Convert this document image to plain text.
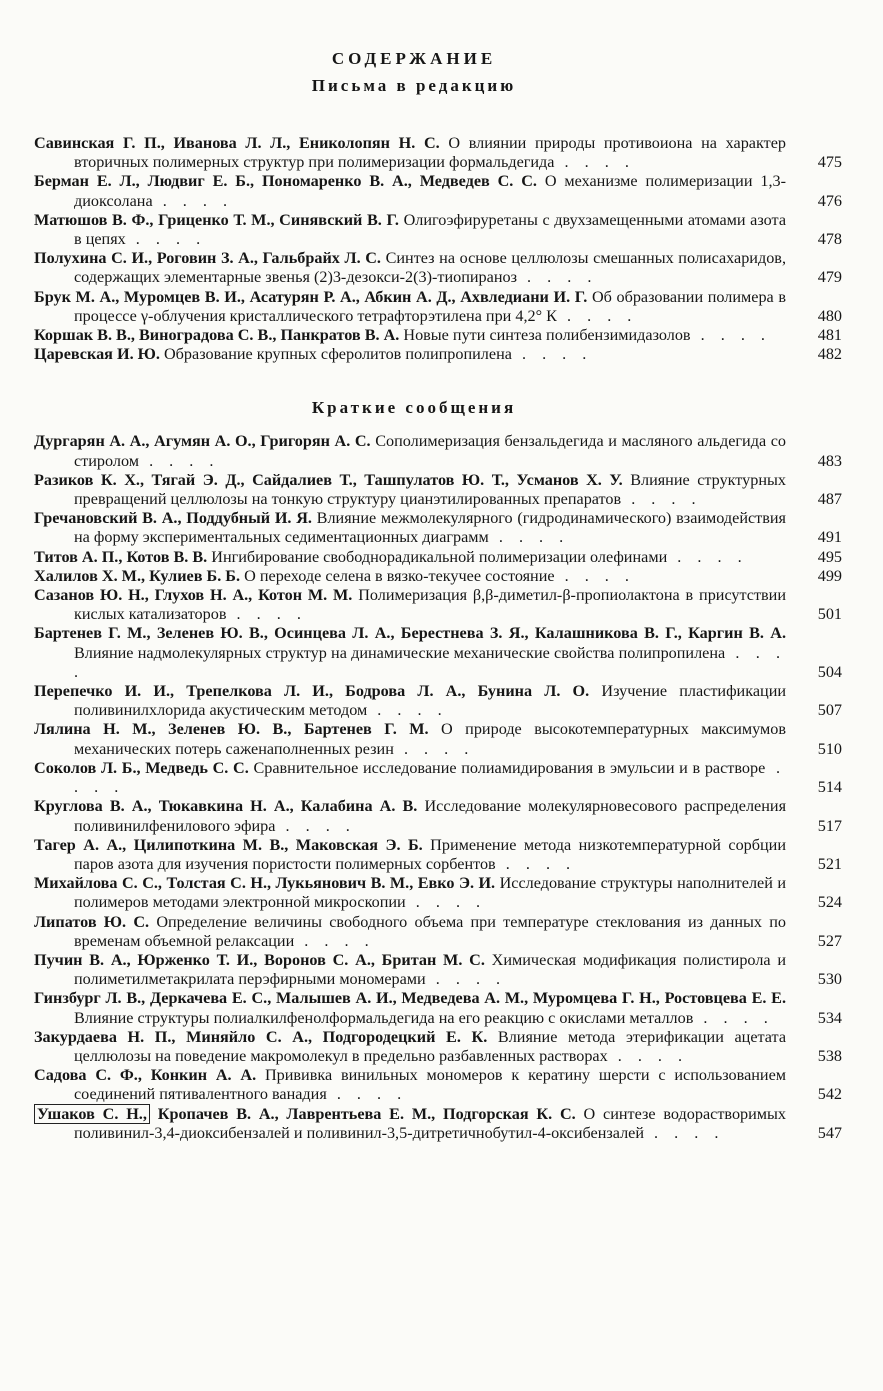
СОДЕРЖАНИЕ
Письма в редакцию
Савинская Г. П., Иванова Л. Л., Ениколопян Н. С. О влиянии природы противоиона на характер вторичных полимерных структур при полимеризации формальдегида . . . .	475
Берман Е. Л., Людвиг Е. Б., Пономаренко В. А., Медведев С. С. О механизме полимеризации 1,3-диоксолана . . . .	476
Матюшов В. Ф., Гриценко Т. М., Синявский В. Г. Олигоэфируретаны с двухзамещенными атомами азота в цепях . . . .	478
Полухина С. И., Роговин З. А., Гальбрайх Л. С. Синтез на основе целлюлозы смешанных полисахаридов, содержащих элементарные звенья (2)3-дезокси-2(3)-тиопираноз . . . .	479
Брук М. А., Муромцев В. И., Асатурян Р. А., Абкин А. Д., Ахвледиани И. Г. Об образовании полимера в процессе γ-облучения кристаллического тетрафторэтилена при 4,2° К . . . .	480
Коршак В. В., Виноградова С. В., Панкратов В. А. Новые пути синтеза полибензимидазолов . . . .	481
Царевская И. Ю. Образование крупных сферолитов полипропилена . . . .	482
Краткие сообщения
Дургарян А. А., Агумян А. О., Григорян А. С. Сополимеризация бензальдегида и масляного альдегида со стиролом . . . .	483
Разиков К. Х., Тягай Э. Д., Сайдалиев Т., Ташпулатов Ю. Т., Усманов Х. У. Влияние структурных превращений целлюлозы на тонкую структуру цианэтилированных препаратов . . . .	487
Гречановский В. А., Поддубный И. Я. Влияние межмолекулярного (гидродинамического) взаимодействия на форму экспериментальных седиментационных диаграмм . . . .	491
Титов А. П., Котов В. В. Ингибирование свободнорадикальной полимеризации олефинами . . . .	495
Халилов Х. М., Кулиев Б. Б. О переходе селена в вязко-текучее состояние . . . .	499
Сазанов Ю. Н., Глухов Н. А., Котон М. М. Полимеризация β,β-диметил-β-пропиолактона в присутствии кислых катализаторов . . . .	501
Бартенев Г. М., Зеленев Ю. В., Осинцева Л. А., Берестнева З. Я., Калашникова В. Г., Каргин В. А. Влияние надмолекулярных структур на динамические механические свойства полипропилена . . . .	504
Перепечко И. И., Трепелкова Л. И., Бодрова Л. А., Бунина Л. О. Изучение пластификации поливинилхлорида акустическим методом . . . .	507
Лялина Н. М., Зеленев Ю. В., Бартенев Г. М. О природе высокотемпературных максимумов механических потерь саженаполненных резин . . . .	510
Соколов Л. Б., Медведь С. С. Сравнительное исследование полиамидирования в эмульсии и в растворе . . . .	514
Круглова В. А., Тюкавкина Н. А., Калабина А. В. Исследование молекулярновесового распределения поливинилфенилового эфира . . . .	517
Тагер А. А., Цилипоткина М. В., Маковская Э. Б. Применение метода низкотемпературной сорбции паров азота для изучения пористости полимерных сорбентов . . . .	521
Михайлова С. С., Толстая С. Н., Лукьянович В. М., Евко Э. И. Исследование структуры наполнителей и полимеров методами электронной микроскопии . . . .	524
Липатов Ю. С. Определение величины свободного объема при температуре стеклования из данных по временам объемной релаксации . . . .	527
Пучин В. А., Юрженко Т. И., Воронов С. А., Британ М. С. Химическая модификация полистирола и полиметилметакрилата перэфирными мономерами . . . .	530
Гинзбург Л. В., Деркачева Е. С., Малышев А. И., Медведева А. М., Муромцева Г. Н., Ростовцева Е. Е. Влияние структуры полиалкилфенолформальдегида на его реакцию с окислами металлов . . . .	534
Закурдаева Н. П., Миняйло С. А., Подгородецкий Е. К. Влияние метода этерификации ацетата целлюлозы на поведение макромолекул в предельно разбавленных растворах . . . .	538
Садова С. Ф., Конкин А. А. Прививка винильных мономеров к кератину шерсти с использованием соединений пятивалентного ванадия . . . .	542
Ушаков С. Н., Кропачев В. А., Лаврентьева Е. М., Подгорская К. С. О синтезе водорастворимых поливинил-3,4-диоксибензалей и поливинил-3,5-дитретичнобутил-4-оксибензалей . . . .	547
